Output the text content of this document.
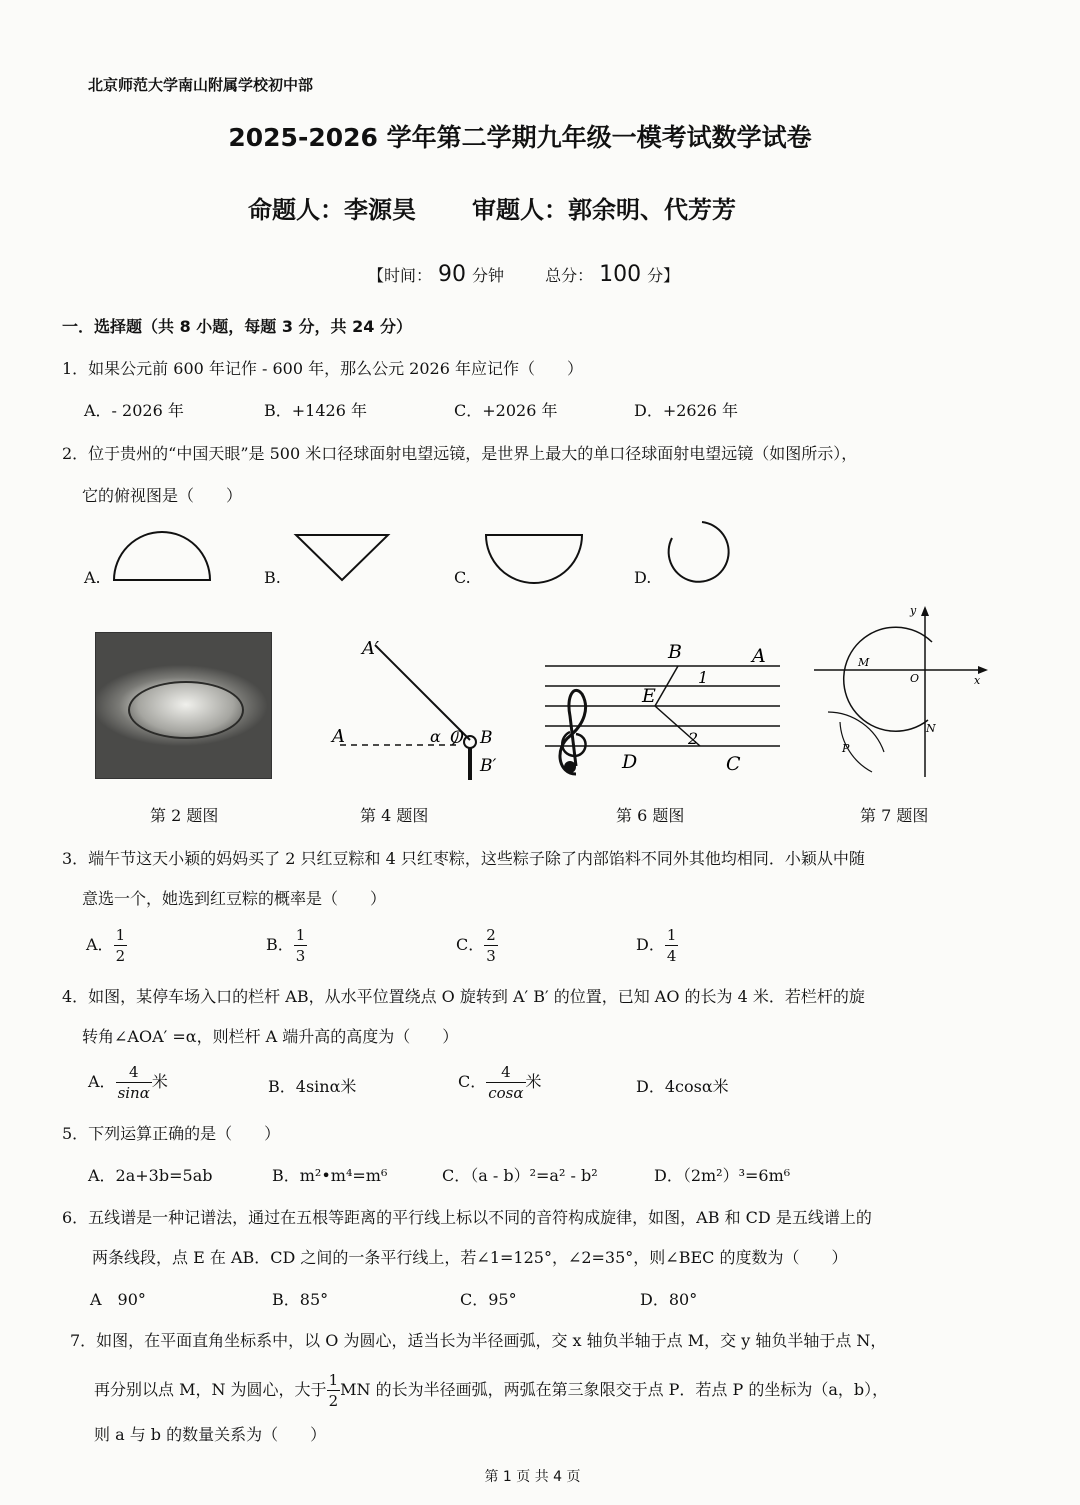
北京师范大学南山附属学校初中部
2025-2026 学年第二学期九年级一模考试数学试卷
命题人：李源昊 审题人：郭余明、代芳芳
【时间： 90 分钟	总分： 100 分】
一．选择题（共 8 小题，每题 3 分，共 24 分）
1．如果公元前 600 年记作 - 600 年，那么公元 2026 年应记作（　　）
A．- 2026 年	B．+1426 年	C．+2026 年	D．+2626 年
2．位于贵州的“中国天眼”是 500 米口径球面射电望远镜，是世界上最大的单口径球面射电望远镜（如图所示），
它的俯视图是（　　）
A.	B.	C.	D.
A′
A	α O B
B′
B	A
E
1
2
D	C
y
x
M
O
N
P
第 2 题图	第 4 题图	第 6 题图	第 7 题图
3．端午节这天小颖的妈妈买了 2 只红豆粽和 4 只红枣粽，这些粽子除了内部馅料不同外其他均相同．小颖从中随
意选一个，她选到红豆粽的概率是（　　）
A． $\frac{1}{2}$	B． $\frac{1}{3}$	C． $\frac{2}{3}$	D． $\frac{1}{4}$
4．如图，某停车场入口的栏杆 AB，从水平位置绕点 O 旋转到 A′ B′ 的位置，已知 AO 的长为 4 米．若栏杆的旋
转角∠AOA′ =α，则栏杆 A 端升高的高度为（　　）
A． $\frac{4}{\sin\alpha}$ 米	B．4sinα米	C． $\frac{4}{\cos\alpha}$ 米	D．4cosα米
5．下列运算正确的是（　　）
A．2a+3b=5ab	B．m²•m⁴=m⁶	C．（a - b）²=a² - b²	D．（2m²）³=6m⁶
6．五线谱是一种记谱法，通过在五根等距离的平行线上标以不同的音符构成旋律，如图，AB 和 CD 是五线谱上的
两条线段，点 E 在 AB．CD 之间的一条平行线上，若∠1=125°，∠2=35°，则∠BEC 的度数为（　　）
A　90°	B．85°	C．95°	D．80°
7．如图，在平面直角坐标系中，以 O 为圆心，适当长为半径画弧，交 x 轴负半轴于点 M，交 y 轴负半轴于点 N，
再分别以点 M，N 为圆心，大于 $\frac{1}{2}$ MN 的长为半径画弧，两弧在第三象限交于点 P．若点 P 的坐标为（a，b），
则 a 与 b 的数量关系为（　　）
第 1 页 共 4 页
